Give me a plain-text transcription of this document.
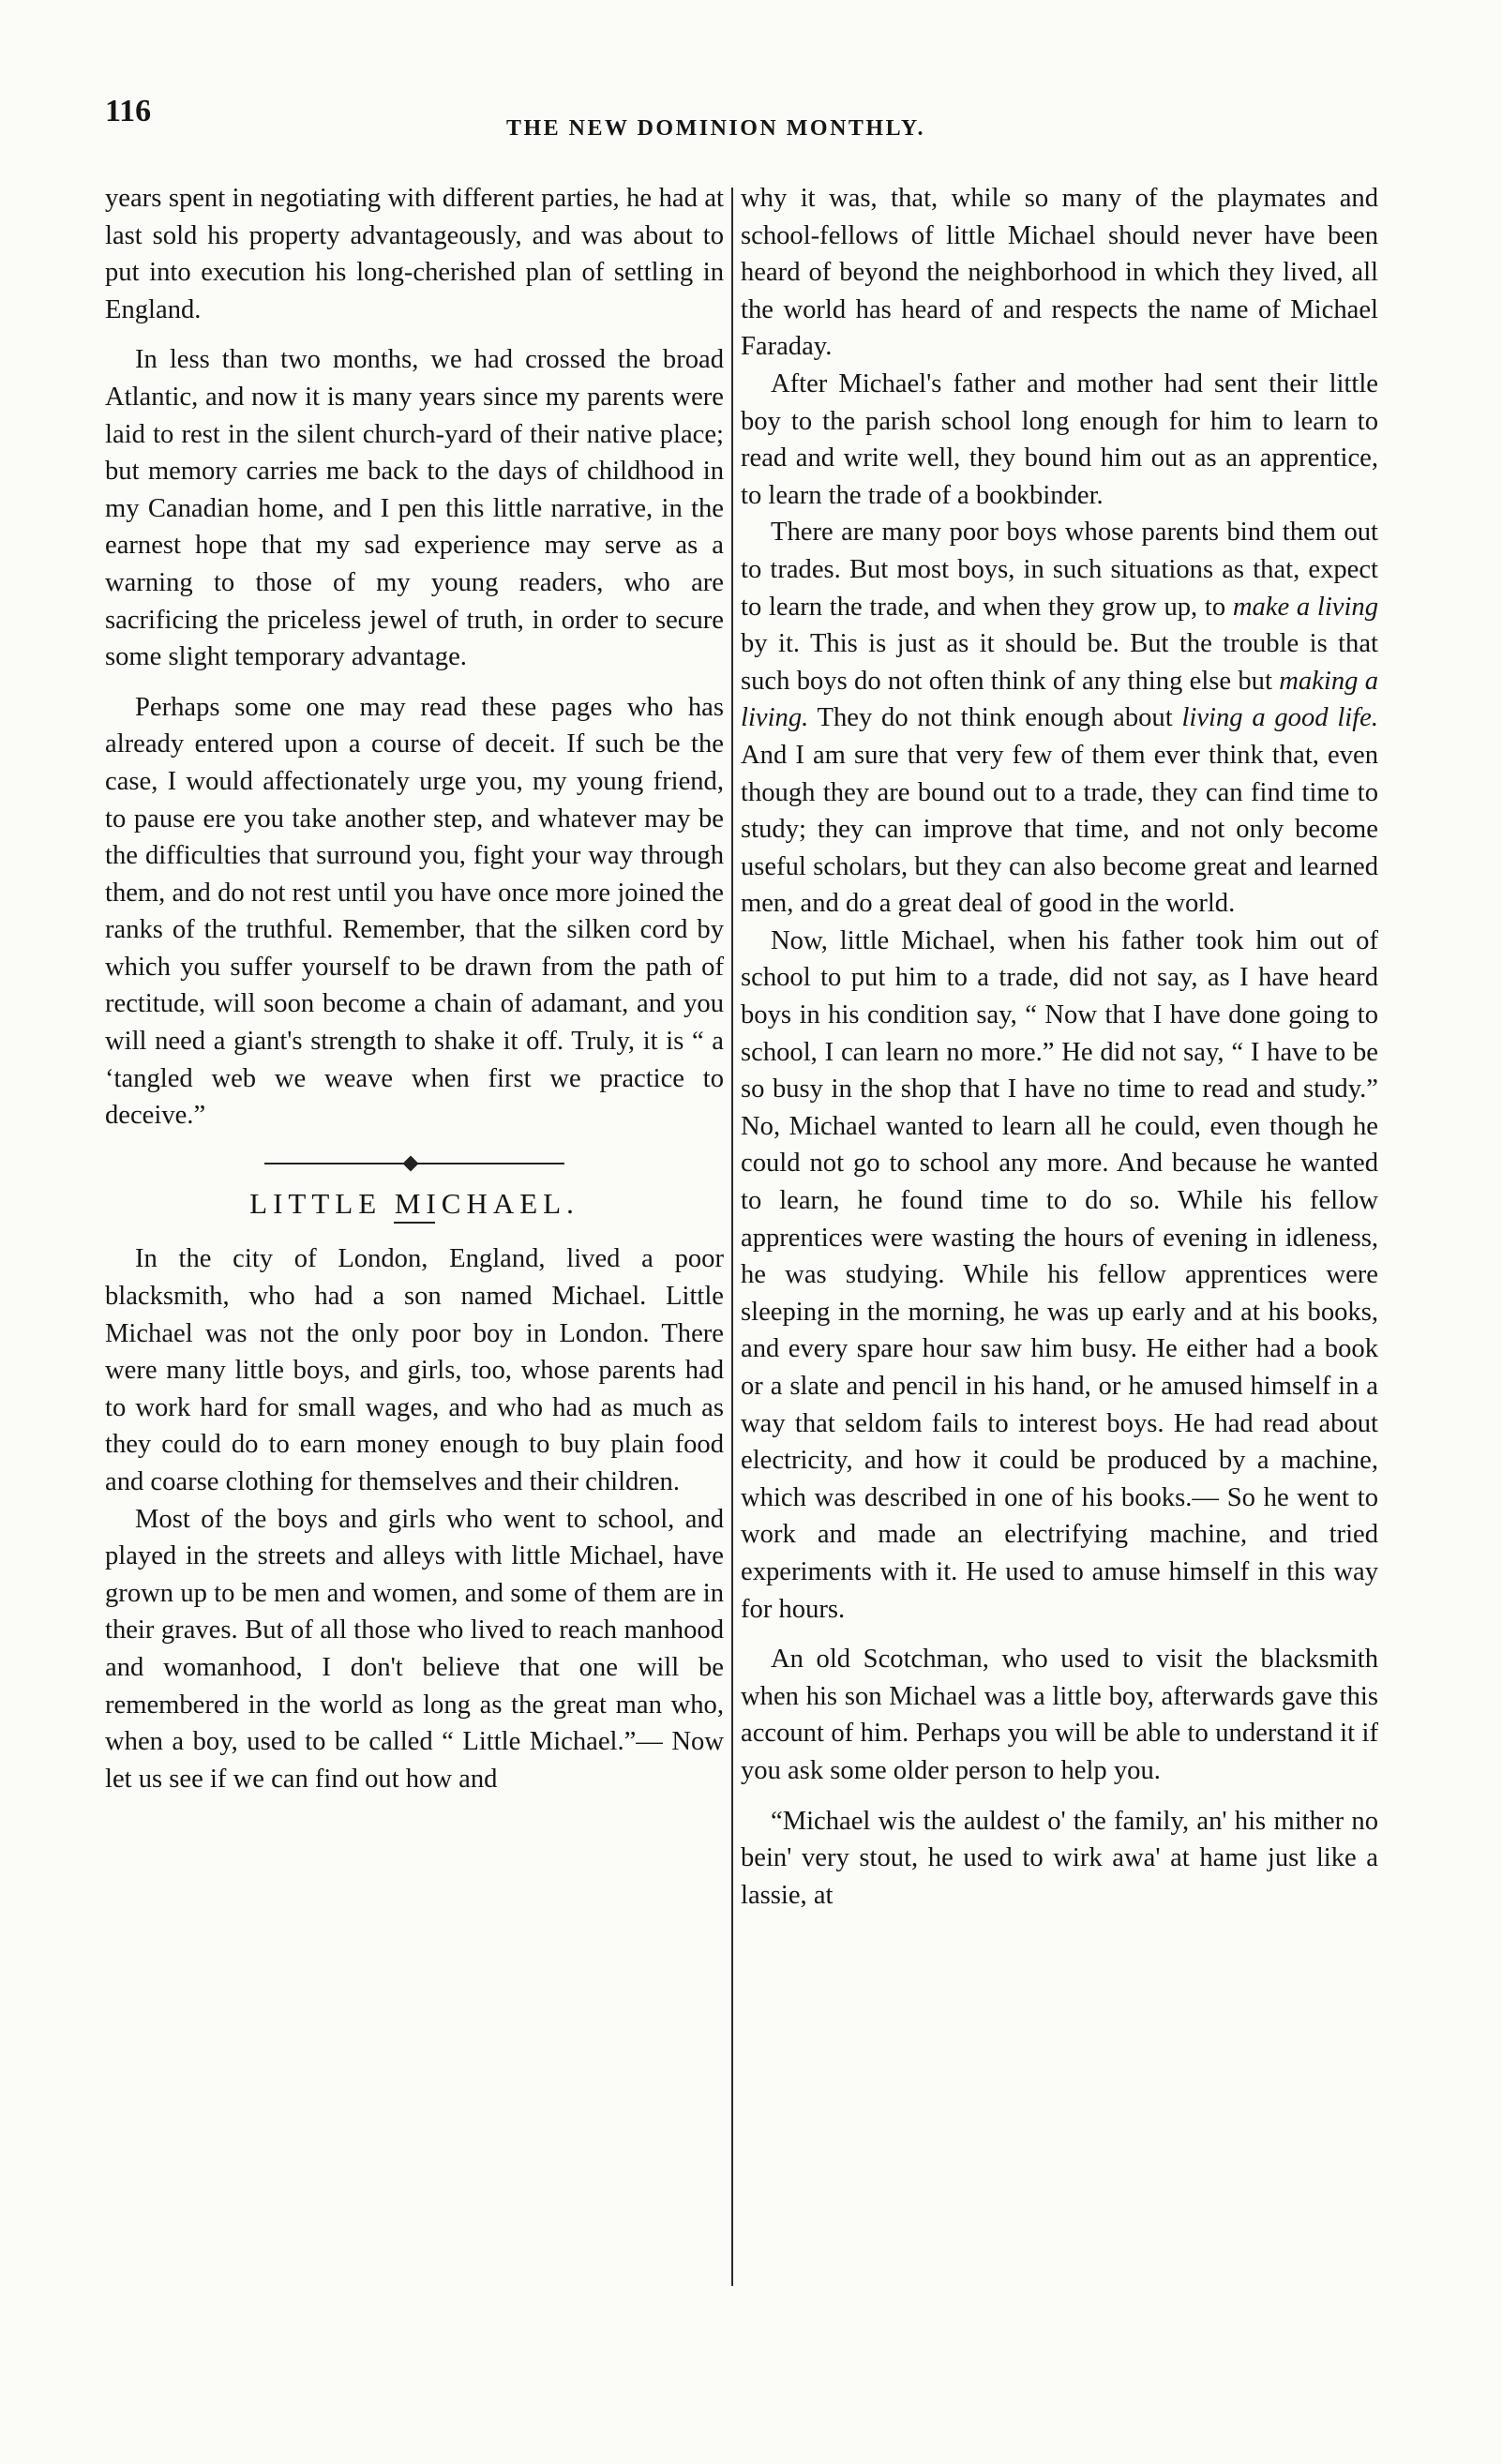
116	THE NEW DOMINION MONTHLY.

years spent in negotiating with different parties, he had at last sold his property advantageously, and was about to put into execution his long-cherished plan of settling in England.

In less than two months, we had crossed the broad Atlantic, and now it is many years since my parents were laid to rest in the silent church-yard of their native place; but memory carries me back to the days of childhood in my Canadian home, and I pen this little narrative, in the earnest hope that my sad experience may serve as a warning to those of my young readers, who are sacrificing the priceless jewel of truth, in order to secure some slight temporary advantage.

Perhaps some one may read these pages who has already entered upon a course of deceit. If such be the case, I would affectionately urge you, my young friend, to pause ere you take another step, and whatever may be the difficulties that surround you, fight your way through them, and do not rest until you have once more joined the ranks of the truthful. Remember, that the silken cord by which you suffer yourself to be drawn from the path of rectitude, will soon become a chain of adamant, and you will need a giant's strength to shake it off. Truly, it is “ a ‘tangled web we weave when first we practice to deceive.”

LITTLE MICHAEL.

In the city of London, England, lived a poor blacksmith, who had a son named Michael. Little Michael was not the only poor boy in London. There were many little boys, and girls, too, whose parents had to work hard for small wages, and who had as much as they could do to earn money enough to buy plain food and coarse clothing for themselves and their children.

Most of the boys and girls who went to school, and played in the streets and alleys with little Michael, have grown up to be men and women, and some of them are in their graves. But of all those who lived to reach manhood and womanhood, I don't believe that one will be remembered in the world as long as the great man who, when a boy, used to be called “ Little Michael.”— Now let us see if we can find out how and

why it was, that, while so many of the playmates and school-fellows of little Michael should never have been heard of beyond the neighborhood in which they lived, all the world has heard of and respects the name of Michael Faraday.

After Michael's father and mother had sent their little boy to the parish school long enough for him to learn to read and write well, they bound him out as an apprentice, to learn the trade of a bookbinder.

There are many poor boys whose parents bind them out to trades. But most boys, in such situations as that, expect to learn the trade, and when they grow up, to make a living by it. This is just as it should be. But the trouble is that such boys do not often think of any thing else but making a living. They do not think enough about living a good life. And I am sure that very few of them ever think that, even though they are bound out to a trade, they can find time to study; they can improve that time, and not only become useful scholars, but they can also become great and learned men, and do a great deal of good in the world.

Now, little Michael, when his father took him out of school to put him to a trade, did not say, as I have heard boys in his condition say, “ Now that I have done going to school, I can learn no more.” He did not say, “ I have to be so busy in the shop that I have no time to read and study.” No, Michael wanted to learn all he could, even though he could not go to school any more. And because he wanted to learn, he found time to do so. While his fellow apprentices were wasting the hours of evening in idleness, he was studying. While his fellow apprentices were sleeping in the morning, he was up early and at his books, and every spare hour saw him busy. He either had a book or a slate and pencil in his hand, or he amused himself in a way that seldom fails to interest boys. He had read about electricity, and how it could be produced by a machine, which was described in one of his books.— So he went to work and made an electrifying machine, and tried experiments with it. He used to amuse himself in this way for hours.

An old Scotchman, who used to visit the blacksmith when his son Michael was a little boy, afterwards gave this account of him. Perhaps you will be able to understand it if you ask some older person to help you.

“Michael wis the auldest o' the family, an' his mither no bein' very stout, he used to wirk awa' at hame just like a lassie, at
